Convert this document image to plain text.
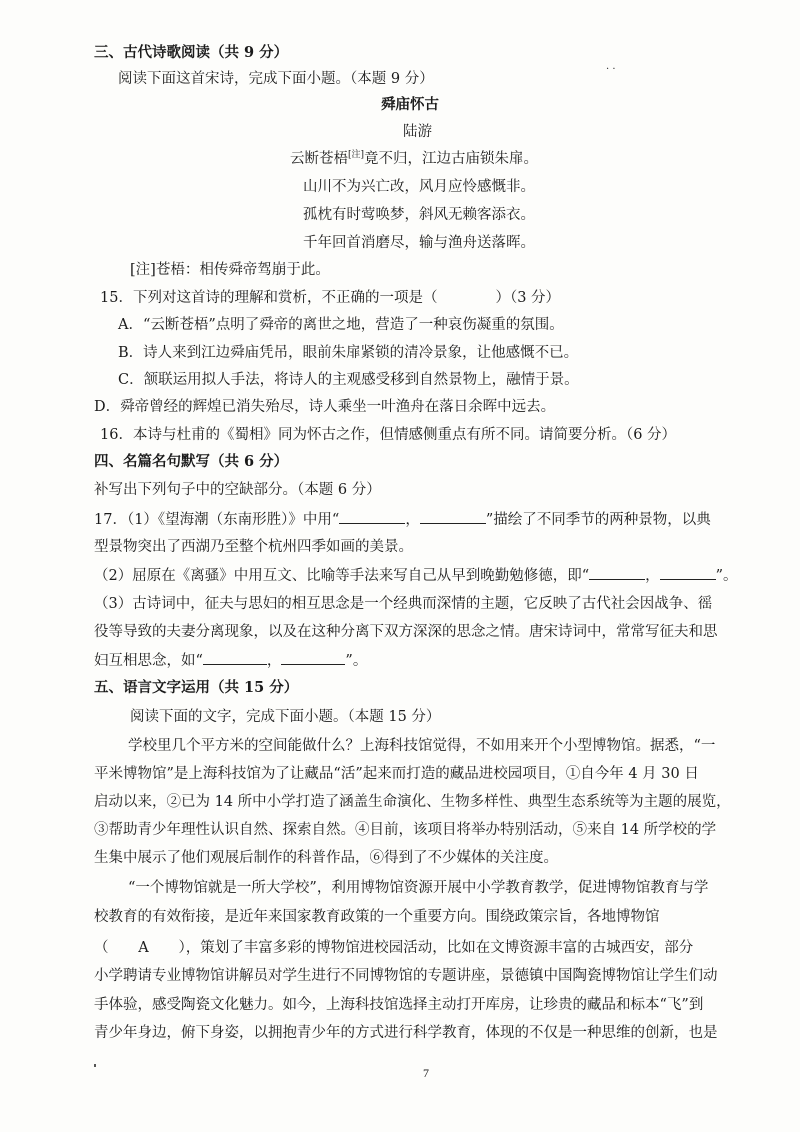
· ·
三、古代诗歌阅读（共 9 分）
阅读下面这首宋诗，完成下面小题。（本题 9 分）
舜庙怀古
陆游
云断苍梧[注]竟不归，江边古庙锁朱扉。
山川不为兴亡改，风月应怜感慨非。
孤枕有时莺唤梦，斜风无赖客添衣。
千年回首消磨尽，输与渔舟送落晖。
[注]苍梧：相传舜帝驾崩于此。
15．下列对这首诗的理解和赏析，不正确的一项是（　　　　）（3 分）
A．“云断苍梧”点明了舜帝的离世之地，营造了一种哀伤凝重的氛围。
B．诗人来到江边舜庙凭吊，眼前朱扉紧锁的清冷景象，让他感慨不已。
C．颔联运用拟人手法，将诗人的主观感受移到自然景物上，融情于景。
D．舜帝曾经的辉煌已消失殆尽，诗人乘坐一叶渔舟在落日余晖中远去。
16．本诗与杜甫的《蜀相》同为怀古之作，但情感侧重点有所不同。请简要分析。（6 分）
四、名篇名句默写（共 6 分）
补写出下列句子中的空缺部分。（本题 6 分）
17．（1）《望海潮（东南形胜）》中用“	，	”描绘了不同季节的两种景物，以典
型景物突出了西湖乃至整个杭州四季如画的美景。
（2）屈原在《离骚》中用互文、比喻等手法来写自己从早到晚勤勉修德，即“	，	”。
（3）古诗词中，征夫与思妇的相互思念是一个经典而深情的主题，它反映了古代社会因战争、徭
役等导致的夫妻分离现象，以及在这种分离下双方深深的思念之情。唐宋诗词中，常常写征夫和思
妇互相思念，如“	，	”。
五、语言文字运用（共 15 分）
阅读下面的文字，完成下面小题。（本题 15 分）
学校里几个平方米的空间能做什么？上海科技馆觉得，不如用来开个小型博物馆。据悉，“一
平米博物馆”是上海科技馆为了让藏品“活”起来而打造的藏品进校园项目，①自今年 4 月 30 日
启动以来，②已为 14 所中小学打造了涵盖生命演化、生物多样性、典型生态系统等为主题的展览，
③帮助青少年理性认识自然、探索自然。④目前，该项目将举办特别活动，⑤来自 14 所学校的学
生集中展示了他们观展后制作的科普作品，⑥得到了不少媒体的关注度。
“一个博物馆就是一所大学校”，利用博物馆资源开展中小学教育教学，促进博物馆教育与学
校教育的有效衔接，是近年来国家教育政策的一个重要方向。围绕政策宗旨，各地博物馆
（ A ），策划了丰富多彩的博物馆进校园活动，比如在文博资源丰富的古城西安，部分
小学聘请专业博物馆讲解员对学生进行不同博物馆的专题讲座，景德镇中国陶瓷博物馆让学生们动
手体验，感受陶瓷文化魅力。如今，上海科技馆选择主动打开库房，让珍贵的藏品和标本“飞”到
青少年身边，俯下身姿，以拥抱青少年的方式进行科学教育，体现的不仅是一种思维的创新，也是
7
